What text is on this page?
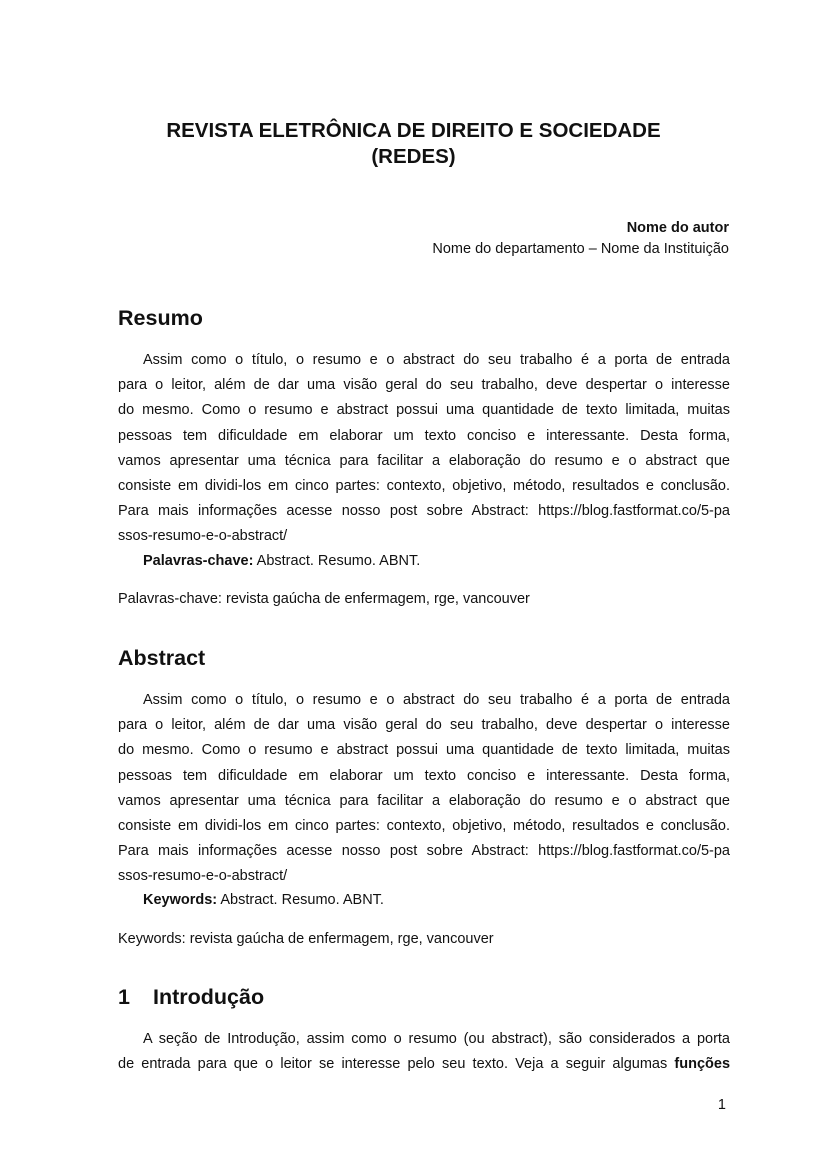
REVISTA ELETRÔNICA DE DIREITO E SOCIEDADE
(REDES)
Nome do autor
Nome do departamento – Nome da Instituição
Resumo
Assim como o título, o resumo e o abstract do seu trabalho é a porta de entrada
para o leitor, além de dar uma visão geral do seu trabalho, deve despertar o interesse
do mesmo. Como o resumo e abstract possui uma quantidade de texto limitada, muitas
pessoas tem dificuldade em elaborar um texto conciso e interessante. Desta forma,
vamos apresentar uma técnica para facilitar a elaboração do resumo e o abstract que
consiste em dividi-los em cinco partes: contexto, objetivo, método, resultados e conclusão.
Para mais informações acesse nosso post sobre Abstract: https://blog.fastformat.co/5-pa
ssos-resumo-e-o-abstract/
Palavras-chave: Abstract. Resumo. ABNT.
Palavras-chave: revista gaúcha de enfermagem, rge, vancouver
Abstract
Assim como o título, o resumo e o abstract do seu trabalho é a porta de entrada
para o leitor, além de dar uma visão geral do seu trabalho, deve despertar o interesse
do mesmo. Como o resumo e abstract possui uma quantidade de texto limitada, muitas
pessoas tem dificuldade em elaborar um texto conciso e interessante. Desta forma,
vamos apresentar uma técnica para facilitar a elaboração do resumo e o abstract que
consiste em dividi-los em cinco partes: contexto, objetivo, método, resultados e conclusão.
Para mais informações acesse nosso post sobre Abstract: https://blog.fastformat.co/5-pa
ssos-resumo-e-o-abstract/
Keywords: Abstract. Resumo. ABNT.
Keywords: revista gaúcha de enfermagem, rge, vancouver
1 Introdução
A seção de Introdução, assim como o resumo (ou abstract), são considerados a porta
de entrada para que o leitor se interesse pelo seu texto. Veja a seguir algumas funções
1
